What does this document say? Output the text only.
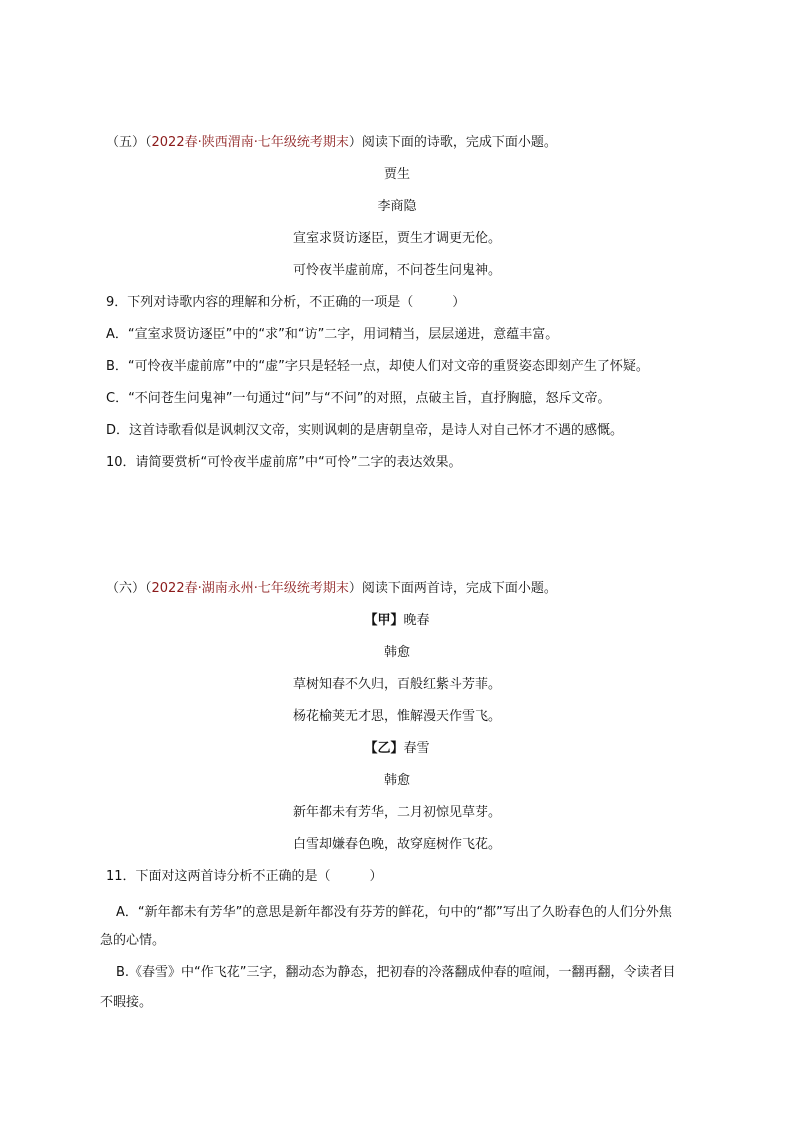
（五）（2022春·陕西渭南·七年级统考期末）阅读下面的诗歌，完成下面小题。
贾生
李商隐
宣室求贤访逐臣，贾生才调更无伦。
可怜夜半虚前席，不问苍生问鬼神。
9．下列对诗歌内容的理解和分析，不正确的一项是（　　　）
A．“宣室求贤访逐臣”中的“求”和“访”二字，用词精当，层层递进，意蕴丰富。
B．“可怜夜半虚前席”中的“虚”字只是轻轻一点，却使人们对文帝的重贤姿态即刻产生了怀疑。
C．“不问苍生问鬼神”一句通过“问”与“不问”的对照，点破主旨，直抒胸臆，怒斥文帝。
D．这首诗歌看似是讽刺汉文帝，实则讽刺的是唐朝皇帝，是诗人对自己怀才不遇的感慨。
10．请简要赏析“可怜夜半虚前席”中“可怜”二字的表达效果。
（六）（2022春·湖南永州·七年级统考期末）阅读下面两首诗，完成下面小题。
【甲】晚春
韩愈
草树知春不久归，百般红紫斗芳菲。
杨花榆荚无才思，惟解漫天作雪飞。
【乙】春雪
韩愈
新年都未有芳华，二月初惊见草芽。
白雪却嫌春色晚，故穿庭树作飞花。
11．下面对这两首诗分析不正确的是（　　　）
A．“新年都未有芳华”的意思是新年都没有芬芳的鲜花，句中的“都”写出了久盼春色的人们分外焦
急的心情。
B.《春雪》中“作飞花”三字，翻动态为静态，把初春的冷落翻成仲春的喧闹，一翻再翻，令读者目
不暇接。
